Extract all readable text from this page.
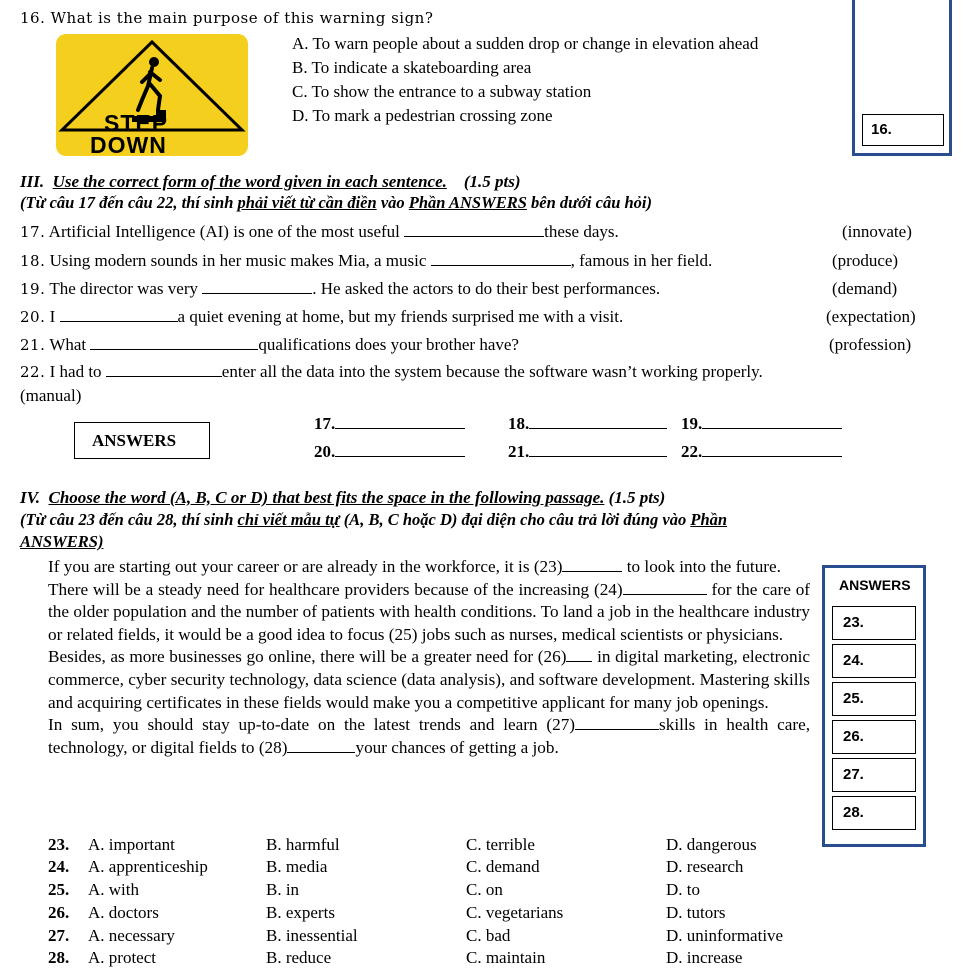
16. What is the main purpose of this warning sign?
STEP
DOWN
A. To warn people about a sudden drop or change in elevation ahead
B. To indicate a skateboarding area
C. To show the entrance to a subway station
D. To mark a pedestrian crossing zone
16.
III. Use the correct form of the word given in each sentence. (1.5 pts)
(Từ câu 17 đến câu 22, thí sinh phải viết từ cần điền vào Phần ANSWERS bên dưới câu hỏi)
17. Artificial Intelligence (AI) is one of the most useful	these days.	(innovate)
18. Using modern sounds in her music makes Mia, a music	, famous in her field.	(produce)
19. The director was very	. He asked the actors to do their best performances.	(demand)
20. I	a quiet evening at home, but my friends surprised me with a visit.	(expectation)
21. What	qualifications does your brother have?	(profession)
22. I had to	enter all the data into the system because the software wasn’t working properly.
(manual)
ANSWERS
17.	18.	19.
20.	21.	22.
IV. Choose the word (A, B, C or D) that best fits the space in the following passage. (1.5 pts)
(Từ câu 23 đến câu 28, thí sinh chỉ viết mẫu tự (A, B, C hoặc D) đại diện cho câu trả lời đúng vào Phần
ANSWERS)

If you are starting out your career or are already in the workforce, it is (23)	to look into the future.

There will be a steady need for healthcare providers because of the increasing (24)	for the care of the older population and the number of patients with health conditions. To land a job in the healthcare industry or related fields, it would be a good idea to focus (25) jobs such as nurses, medical scientists or physicians.

Besides, as more businesses go online, there will be a greater need for (26) in digital marketing, electronic commerce, cyber security technology, data science (data analysis), and software development. Mastering skills and acquiring certificates in these fields would make you a competitive applicant for many job openings.

In sum, you should stay up-to-date on the latest trends and learn (27)	skills in health care, technology, or digital fields to (28)	your chances of getting a job.

ANSWERS
23.
24.
25.
26.
27.
28.
23. A. important	B. harmful	C. terrible	D. dangerous
24. A. apprenticeship	B. media	C. demand	D. research
25. A. with	B. in	C. on	D. to
26. A. doctors	B. experts	C. vegetarians	D. tutors
27. A. necessary	B. inessential	C. bad	D. uninformative
28. A. protect	B. reduce	C. maintain	D. increase
